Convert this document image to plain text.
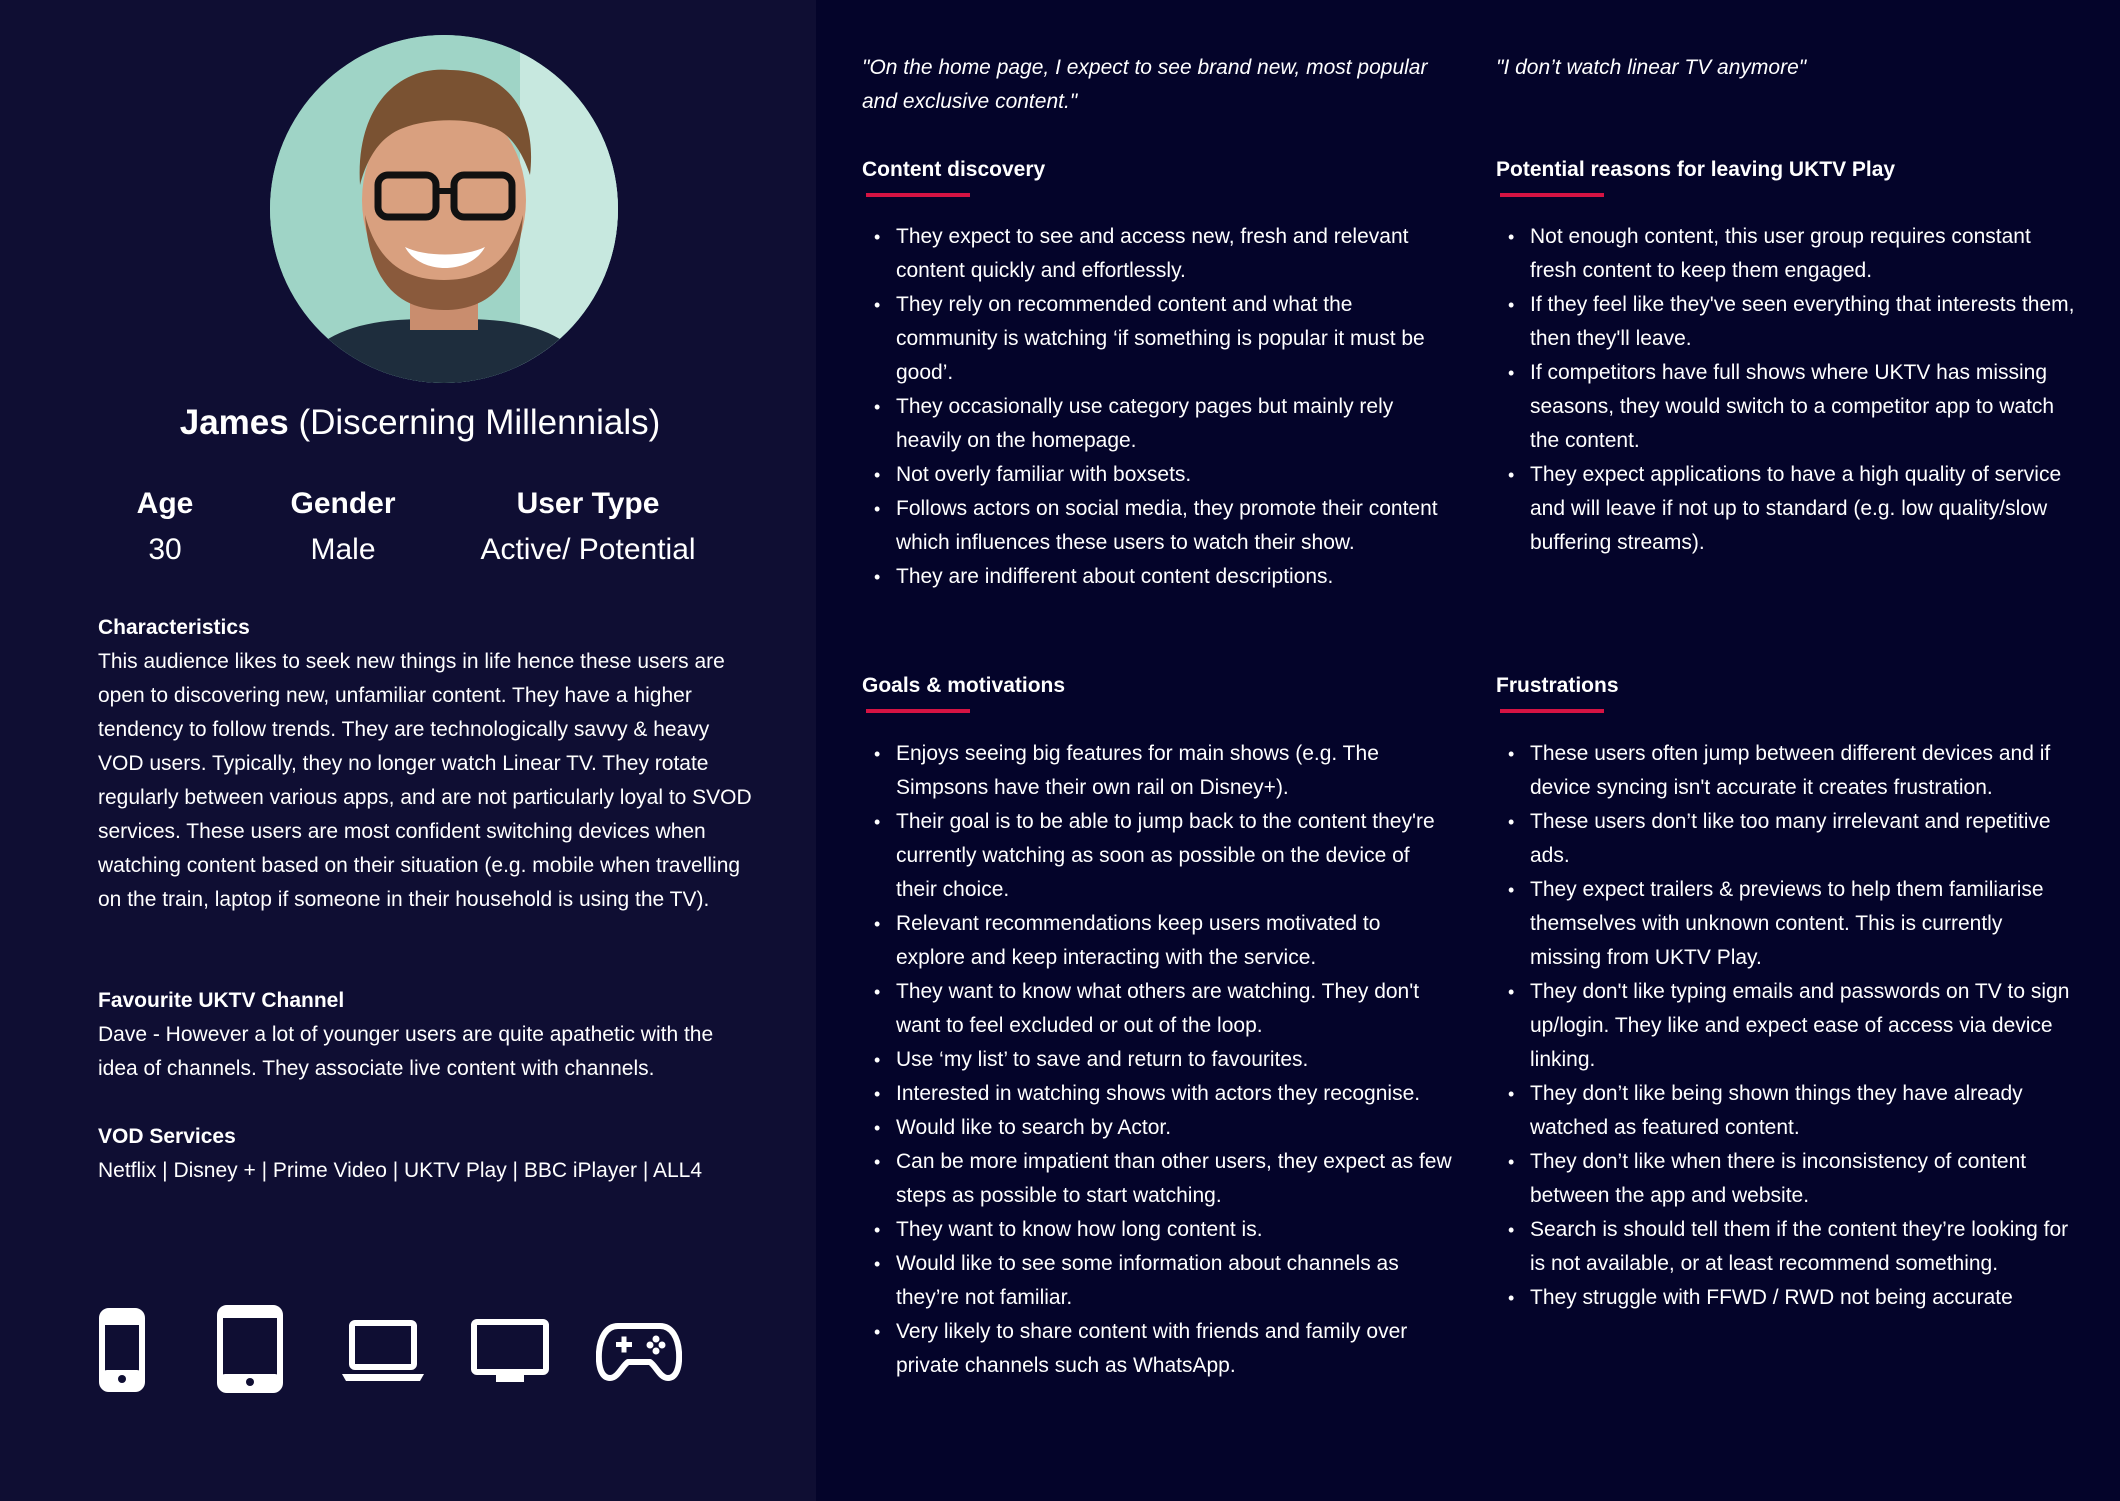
James (Discerning Millennials)
Age
30
Gender
Male
User Type
Active/ Potential
Characteristics

This audience likes to seek new things in life hence these users are open to discovering new, unfamiliar content. They have a higher tendency to follow trends. They are technologically savvy & heavy VOD users. Typically, they no longer watch Linear TV. They rotate regularly between various apps, and are not particularly loyal to SVOD services. These users are most confident switching devices when watching content based on their situation (e.g. mobile when travelling on the train, laptop if someone in their household is using the TV).

Favourite UKTV Channel

Dave - However a lot of younger users are quite apathetic with the idea of channels. They associate live content with channels.

VOD Services

Netflix | Disney + | Prime Video | UKTV Play | BBC iPlayer | ALL4

"On the home page, I expect to see brand new, most popular and exclusive content."
"I don’t watch linear TV anymore"
Content discovery
• They expect to see and access new, fresh and relevant content quickly and effortlessly.
• They rely on recommended content and what the community is watching ‘if something is popular it must be good’.
• They occasionally use category pages but mainly rely heavily on the homepage.
• Not overly familiar with boxsets.
• Follows actors on social media, they promote their content which influences these users to watch their show.
• They are indifferent about content descriptions.
Potential reasons for leaving UKTV Play
• Not enough content, this user group requires constant fresh content to keep them engaged.
• If they feel like they've seen everything that interests them, then they'll leave.
• If competitors have full shows where UKTV has missing seasons, they would switch to a competitor app to watch the content.
• They expect applications to have a high quality of service and will leave if not up to standard (e.g. low quality/slow buffering streams).
Goals & motivations
• Enjoys seeing big features for main shows (e.g. The Simpsons have their own rail on Disney+).
• Their goal is to be able to jump back to the content they're currently watching as soon as possible on the device of their choice.
• Relevant recommendations keep users motivated to explore and keep interacting with the service.
• They want to know what others are watching. They don't want to feel excluded or out of the loop.
• Use ‘my list’ to save and return to favourites.
• Interested in watching shows with actors they recognise.
• Would like to search by Actor.
• Can be more impatient than other users, they expect as few steps as possible to start watching.
• They want to know how long content is.
• Would like to see some information about channels as they’re not familiar.
• Very likely to share content with friends and family over private channels such as WhatsApp.
Frustrations
• These users often jump between different devices and if device syncing isn't accurate it creates frustration.
• These users don’t like too many irrelevant and repetitive ads.
• They expect trailers & previews to help them familiarise themselves with unknown content. This is currently missing from UKTV Play.
• They don't like typing emails and passwords on TV to sign up/login. They like and expect ease of access via device linking.
• They don’t like being shown things they have already watched as featured content.
• They don’t like when there is inconsistency of content between the app and website.
• Search is should tell them if the content they’re looking for is not available, or at least recommend something.
• They struggle with FFWD / RWD not being accurate
